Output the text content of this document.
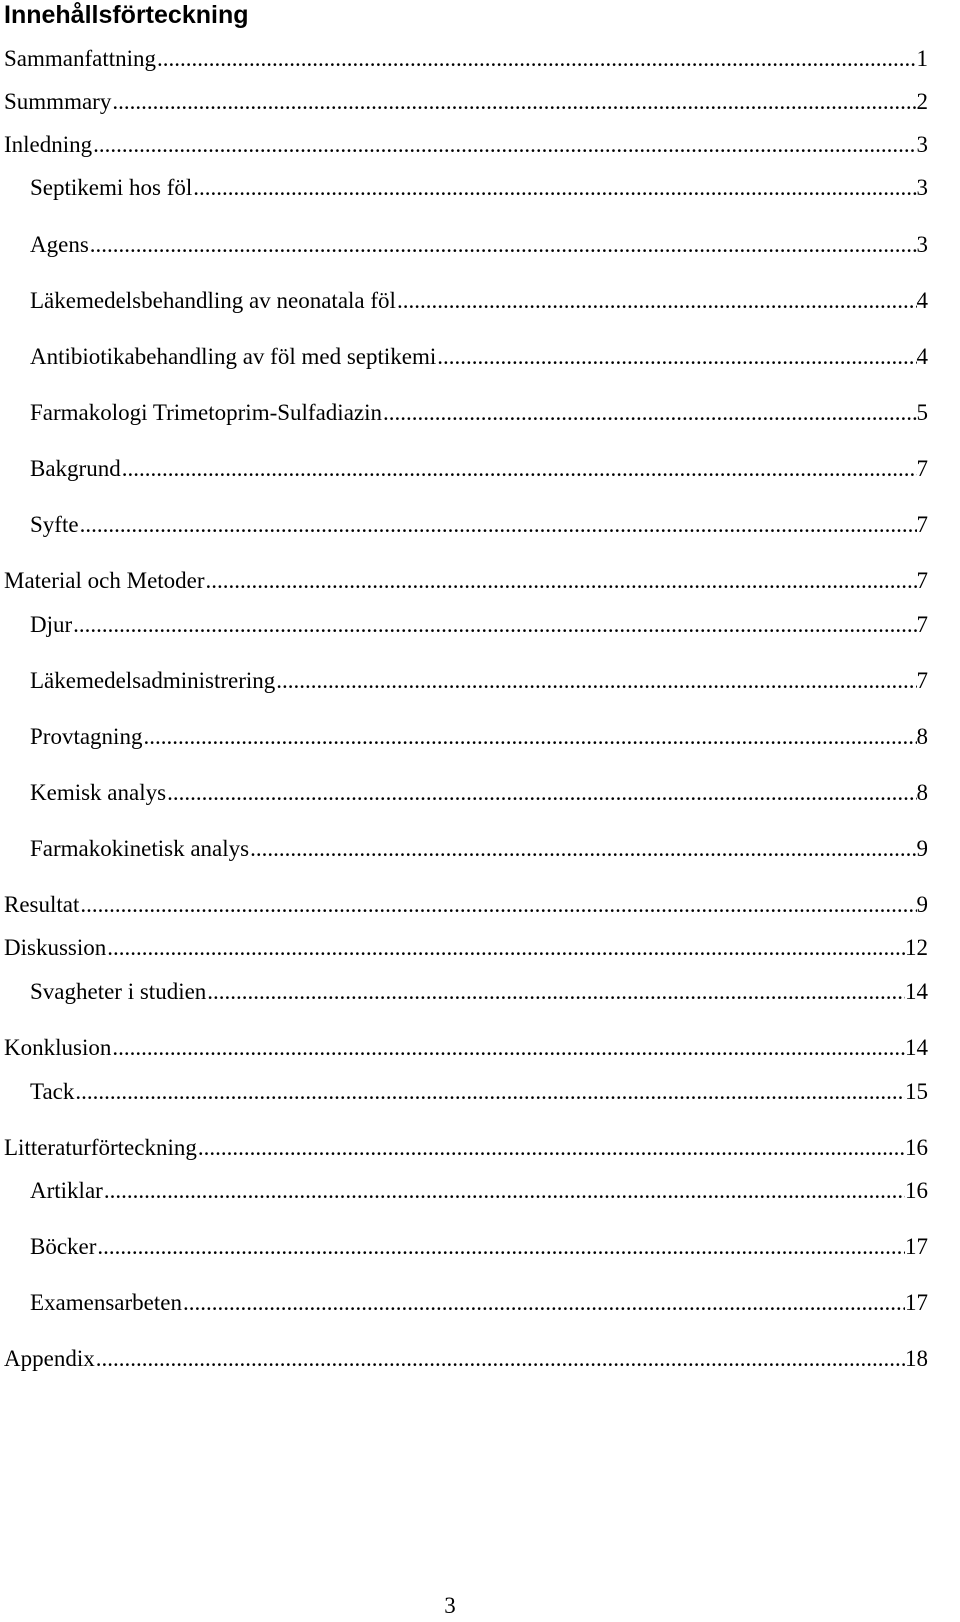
Innehållsförteckning
Sammanfattning .....	1
Summmary .....	2
Inledning .....	3
Septikemi hos föl .....	3
Agens .....	3
Läkemedelsbehandling av neonatala föl .....	4
Antibiotikabehandling av föl med septikemi .....	4
Farmakologi Trimetoprim-Sulfadiazin .....	5
Bakgrund .....	7
Syfte .....	7
Material och Metoder .....	7
Djur .....	7
Läkemedelsadministrering .....	7
Provtagning .....	8
Kemisk analys .....	8
Farmakokinetisk analys .....	9
Resultat .....	9
Diskussion .....	12
Svagheter i studien .....	14
Konklusion .....	14
Tack .....	15
Litteraturförteckning .....	16
Artiklar .....	16
Böcker .....	17
Examensarbeten .....	17
Appendix .....	18
3
